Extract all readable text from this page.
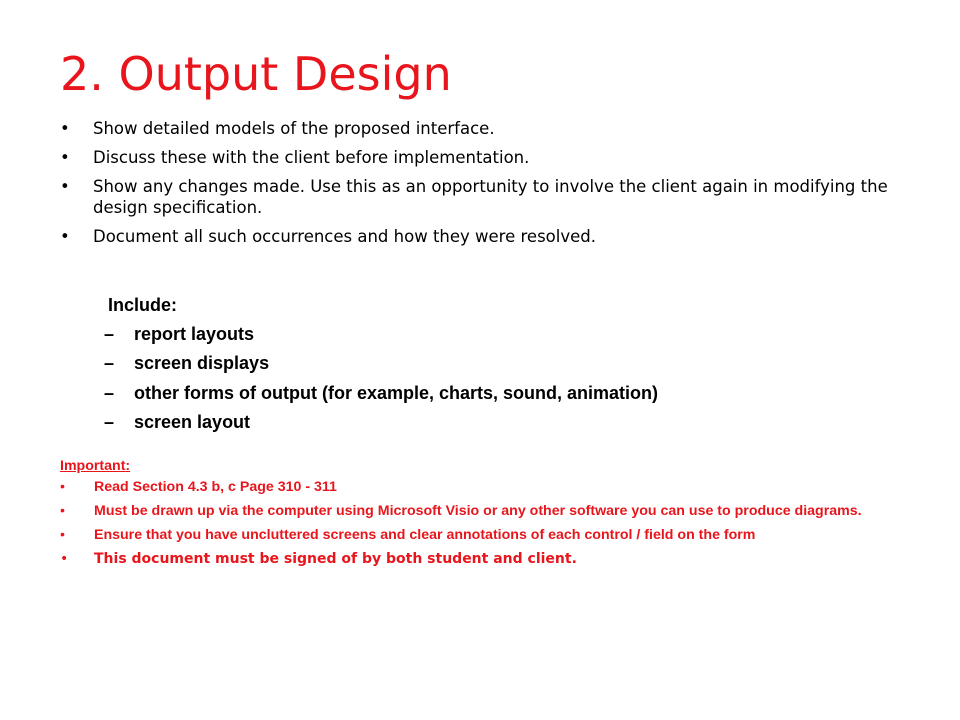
2. Output Design
• Show detailed models of the proposed interface.
• Discuss these with the client before implementation.
• Show any changes made. Use this as an opportunity to involve the client again in modifying the design specification.
• Document all such occurrences and how they were resolved.
Include:
– report layouts
– screen displays
– other forms of output (for example, charts, sound, animation)
– screen layout
Important:
• Read Section 4.3 b, c Page 310 - 311
• Must be drawn up via the computer using Microsoft Visio or any other software you can use to produce diagrams.
• Ensure that you have uncluttered screens and clear annotations of each control / field on the form
• This document must be signed of by both student and client.
